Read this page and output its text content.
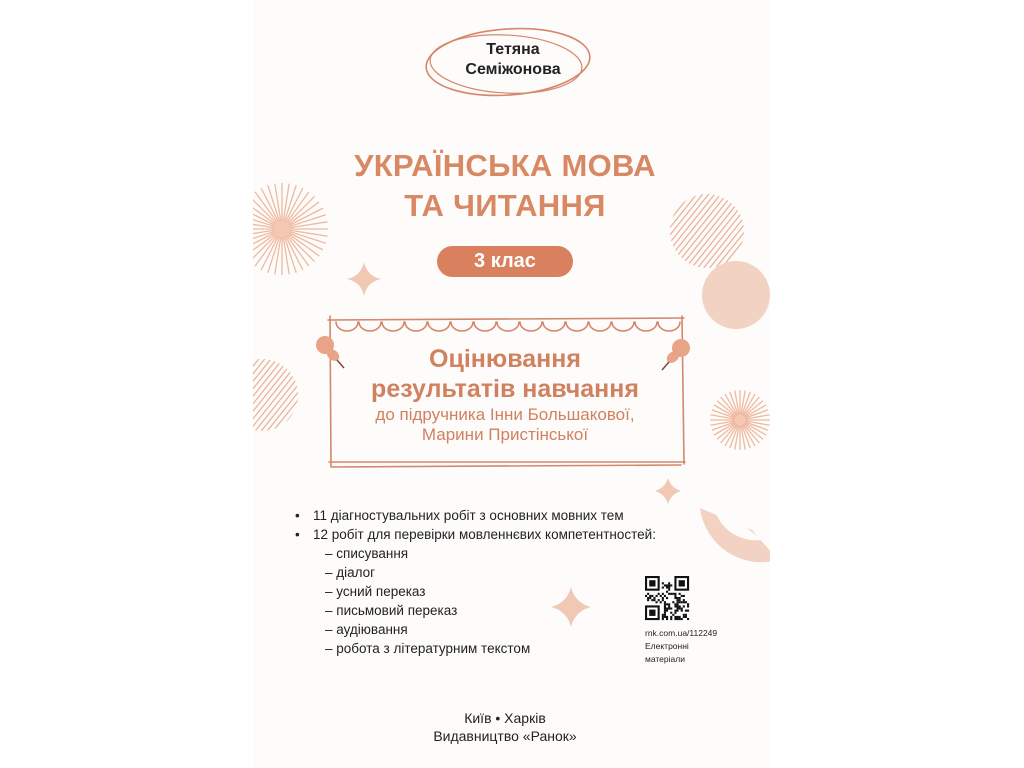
Тетяна
Семіжонова
УКРАЇНСЬКА МОВА
ТА ЧИТАННЯ
3 клас
Оцінювання
результатів навчання
до підручника Інни Большакової,
Марини Пристінської
• 11 діагностувальних робіт з основних мовних тем
• 12 робіт для перевірки мовленнєвих компетентностей:
– списування
– діалог
– усний переказ
– письмовий переказ
– аудіювання
– робота з літературним текстом
rnk.com.ua/112249
Електронні
матеріали
Київ • Харків
Видавництво «Ранок»
